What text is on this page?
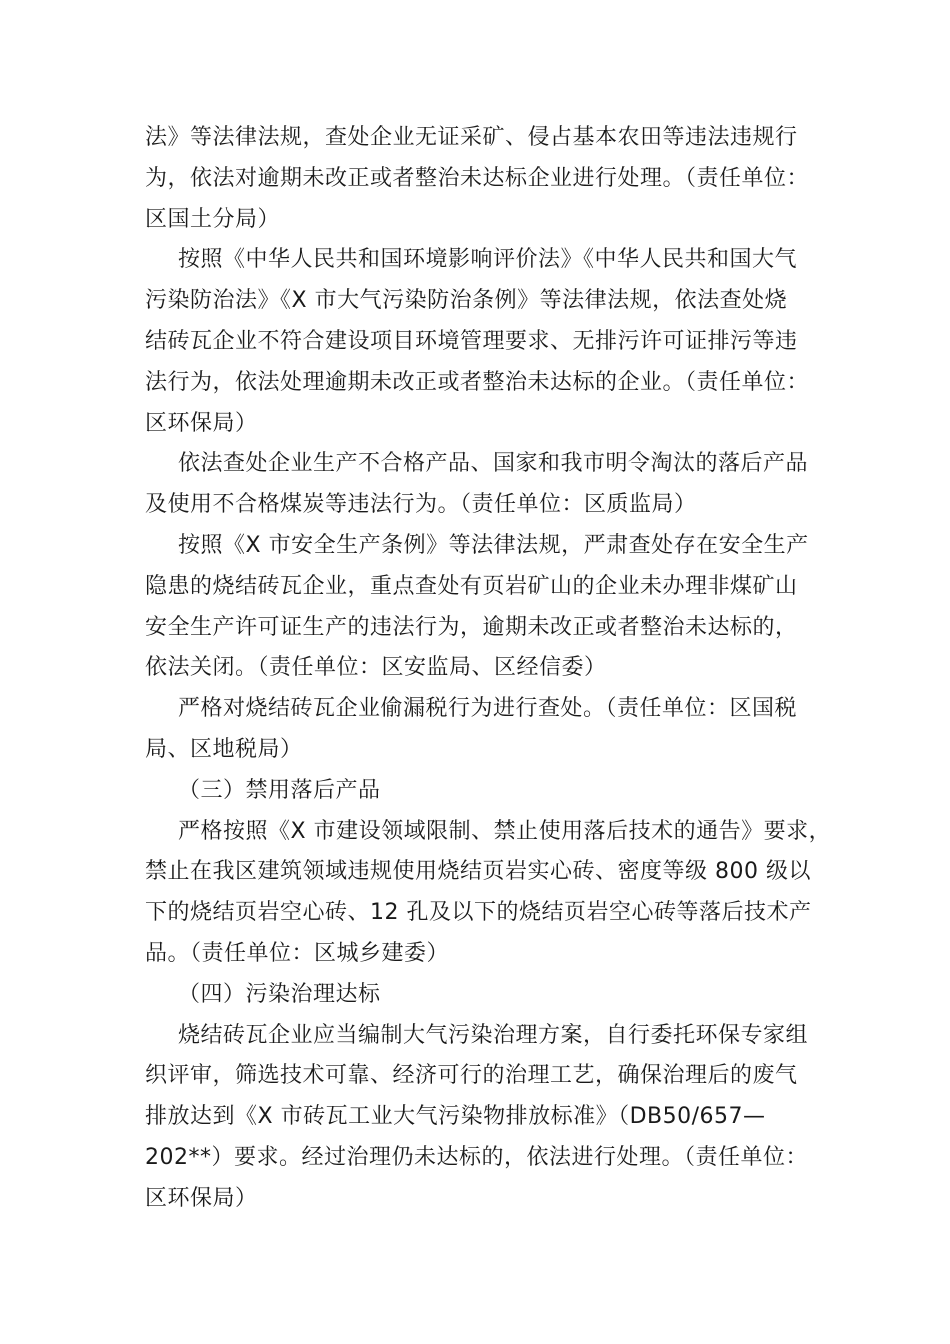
法》等法律法规，查处企业无证采矿、侵占基本农田等违法违规行
为，依法对逾期未改正或者整治未达标企业进行处理。（责任单位：
区国土分局）
按照《中华人民共和国环境影响评价法》《中华人民共和国大气
污染防治法》《X 市大气污染防治条例》等法律法规，依法查处烧
结砖瓦企业不符合建设项目环境管理要求、无排污许可证排污等违
法行为，依法处理逾期未改正或者整治未达标的企业。（责任单位：
区环保局）
依法查处企业生产不合格产品、国家和我市明令淘汰的落后产品
及使用不合格煤炭等违法行为。（责任单位：区质监局）
按照《X 市安全生产条例》等法律法规，严肃查处存在安全生产
隐患的烧结砖瓦企业，重点查处有页岩矿山的企业未办理非煤矿山
安全生产许可证生产的违法行为，逾期未改正或者整治未达标的，
依法关闭。（责任单位：区安监局、区经信委）
严格对烧结砖瓦企业偷漏税行为进行查处。（责任单位：区国税
局、区地税局）
（三）禁用落后产品
严格按照《X 市建设领域限制、禁止使用落后技术的通告》要求，
禁止在我区建筑领域违规使用烧结页岩实心砖、密度等级 800 级以
下的烧结页岩空心砖、12 孔及以下的烧结页岩空心砖等落后技术产
品。（责任单位：区城乡建委）
（四）污染治理达标
烧结砖瓦企业应当编制大气污染治理方案，自行委托环保专家组
织评审，筛选技术可靠、经济可行的治理工艺，确保治理后的废气
排放达到《X 市砖瓦工业大气污染物排放标准》（DB50/657—
202**）要求。经过治理仍未达标的，依法进行处理。（责任单位：
区环保局）
